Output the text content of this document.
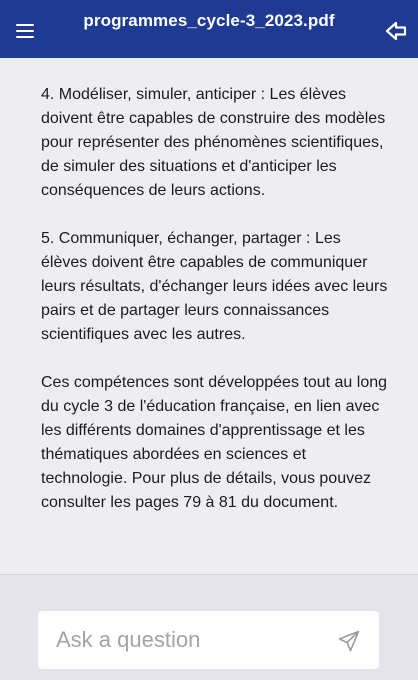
programmes_cycle-3_2023.pdf

4. Modéliser, simuler, anticiper : Les élèves doivent être capables de construire des modèles pour représenter des phénomènes scientifiques, de simuler des situations et d'anticiper les conséquences de leurs actions.

5. Communiquer, échanger, partager : Les élèves doivent être capables de communiquer leurs résultats, d'échanger leurs idées avec leurs pairs et de partager leurs connaissances scientifiques avec les autres.

Ces compétences sont développées tout au long du cycle 3 de l'éducation française, en lien avec les différents domaines d'apprentissage et les thématiques abordées en sciences et technologie. Pour plus de détails, vous pouvez consulter les pages 79 à 81 du document.

Ask a question
